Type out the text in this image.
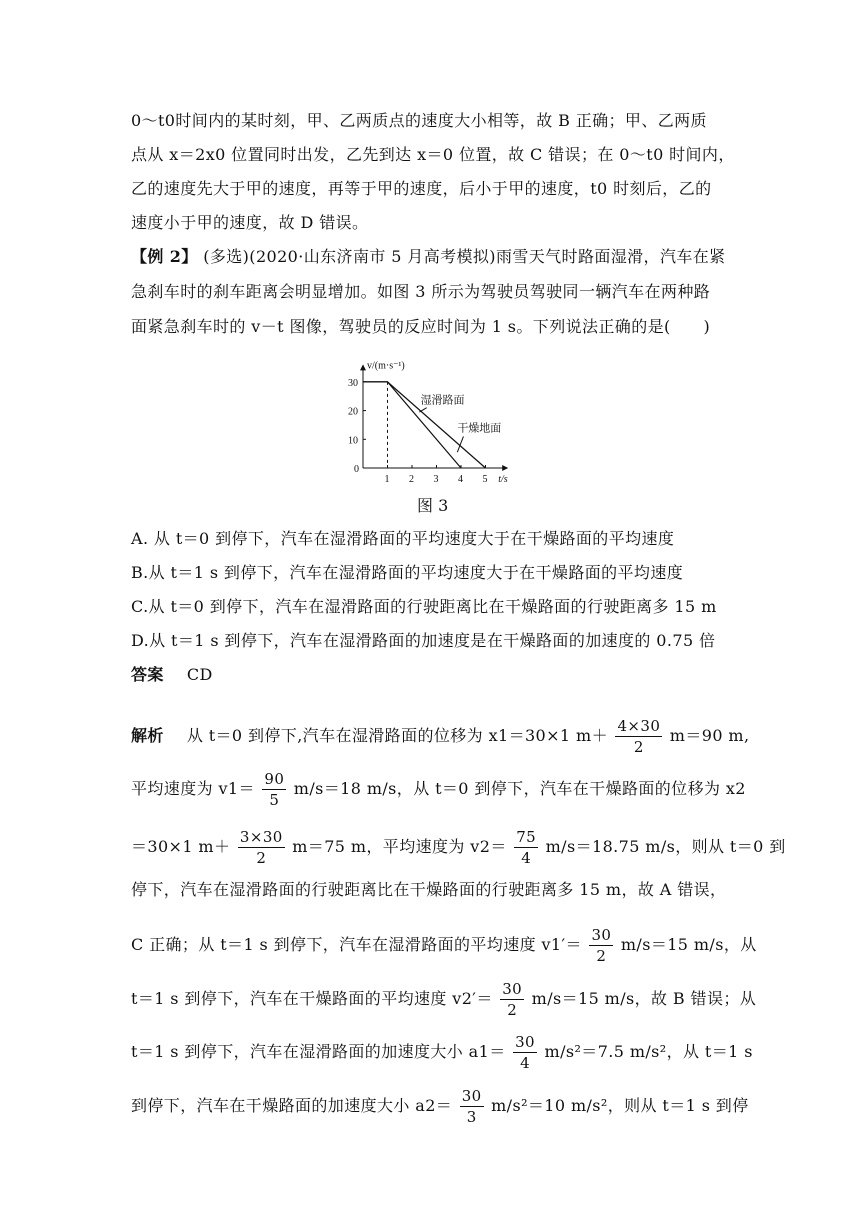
0～t0时间内的某时刻，甲、乙两质点的速度大小相等，故 B 正确；甲、乙两质
点从 x＝2x0 位置同时出发，乙先到达 x＝0 位置，故 C 错误；在 0～t0 时间内，
乙的速度先大于甲的速度，再等于甲的速度，后小于甲的速度，t0 时刻后，乙的
速度小于甲的速度，故 D 错误。
【例 2】 (多选)(2020·山东济南市 5 月高考模拟)雨雪天气时路面湿滑，汽车在紧
急刹车时的刹车距离会明显增加。如图 3 所示为驾驶员驾驶同一辆汽车在两种路
面紧急刹车时的 v－t 图像，驾驶员的反应时间为 1 s。下列说法正确的是(　　)
v/(m·s⁻¹)
t/s
1 2 3 4 5
0
10
20
30
湿滑路面
干燥地面
图 3
A. 从 t＝0 到停下，汽车在湿滑路面的平均速度大于在干燥路面的平均速度
B.从 t＝1 s 到停下，汽车在湿滑路面的平均速度大于在干燥路面的平均速度
C.从 t＝0 到停下，汽车在湿滑路面的行驶距离比在干燥路面的行驶距离多 15 m
D.从 t＝1 s 到停下，汽车在湿滑路面的加速度是在干燥路面的加速度的 0.75 倍
答案 CD
解析 从 t＝0 到停下,汽车在湿滑路面的位移为 x1＝30×1 $m+ \frac{4\times 30}{2} m=90$ m,
平均速度为 $v1= \frac{90}{5} m/s=18$ m/s，从 t＝0 到停下，汽车在干燥路面的位移为 x2
＝30×1 $m+ \frac{3\times 30}{2} m=75$ m，平均速度为 $v2= \frac{75}{4} m/s=18.75$ m/s，则从 t＝0 到
停下，汽车在湿滑路面的行驶距离比在干燥路面的行驶距离多 15 m，故 A 错误，
C 正确；从 t＝1 s 到停下，汽车在湿滑路面的平均速度 $v1'= \frac{30}{2} m/s=15$ m/s，从
t＝1 s 到停下，汽车在干燥路面的平均速度 $v2'= \frac{30}{2} m/s=15$ m/s，故 B 错误；从
t＝1 s 到停下，汽车在湿滑路面的加速度大小 $a1= \frac{30}{4} m/s^2=7.5$ m/s²，从 t＝1 s
到停下，汽车在干燥路面的加速度大小 $a2= \frac{30}{3} m/s^2=10$ m/s²，则从 t＝1 s 到停
